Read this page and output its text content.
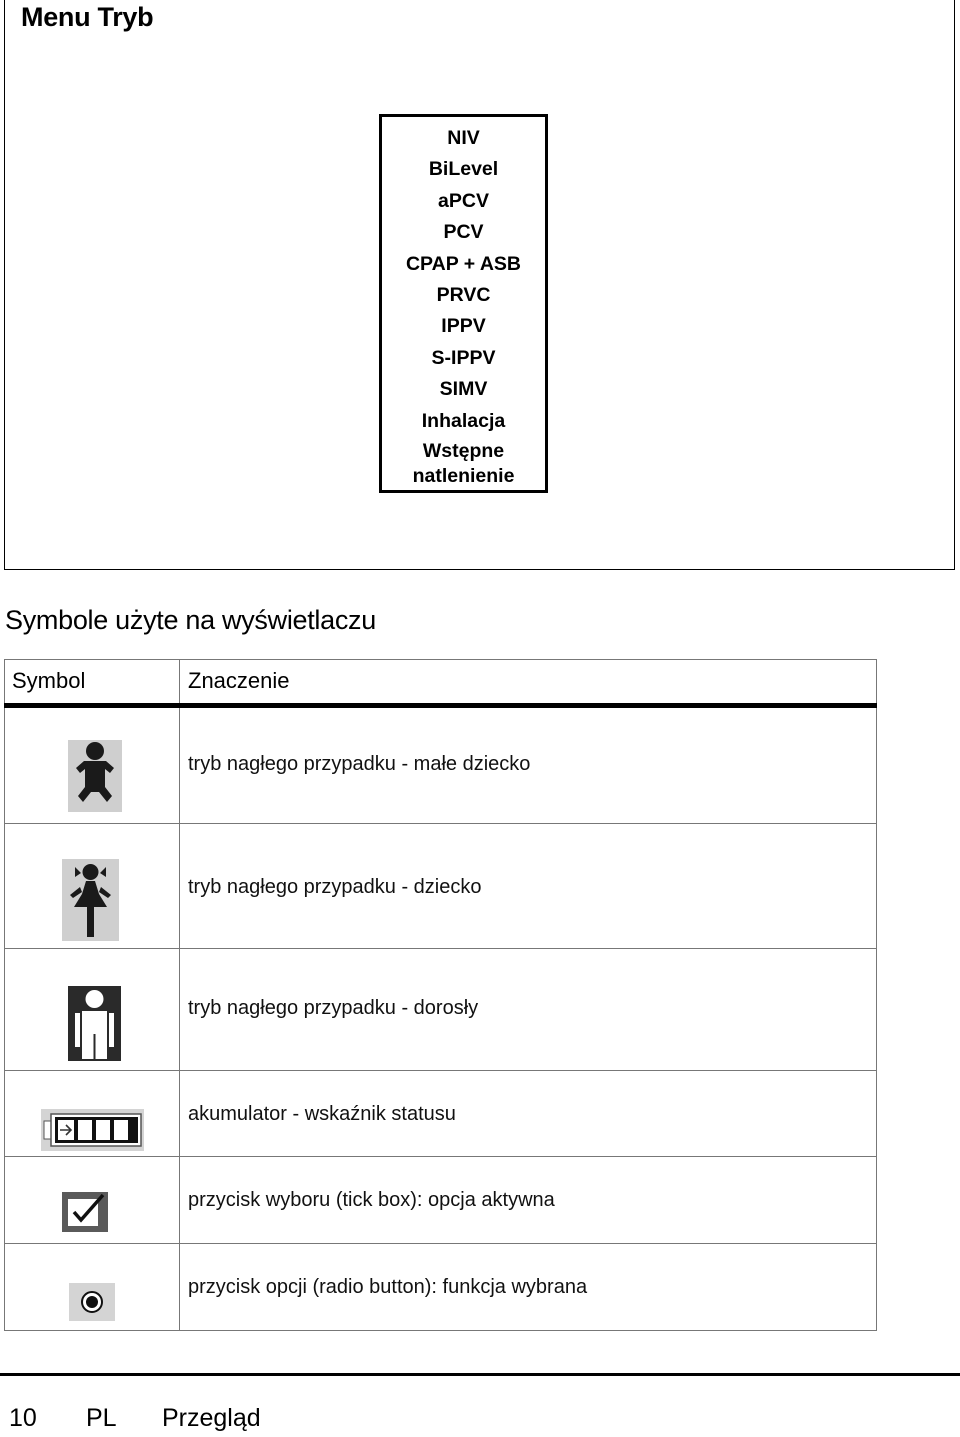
Menu Tryb
NIV
BiLevel
aPCV
PCV
CPAP + ASB
PRVC
IPPV
S-IPPV
SIMV
Inhalacja
Wstępne
natlenienie
Symbole użyte na wyświetlaczu
Symbol	Znaczenie
tryb nagłego przypadku - małe dziecko
tryb nagłego przypadku - dziecko
tryb nagłego przypadku - dorosły
akumulator - wskaźnik statusu
przycisk wyboru (tick box): opcja aktywna
przycisk opcji (radio button): funkcja wybrana
10 PL Przegląd
